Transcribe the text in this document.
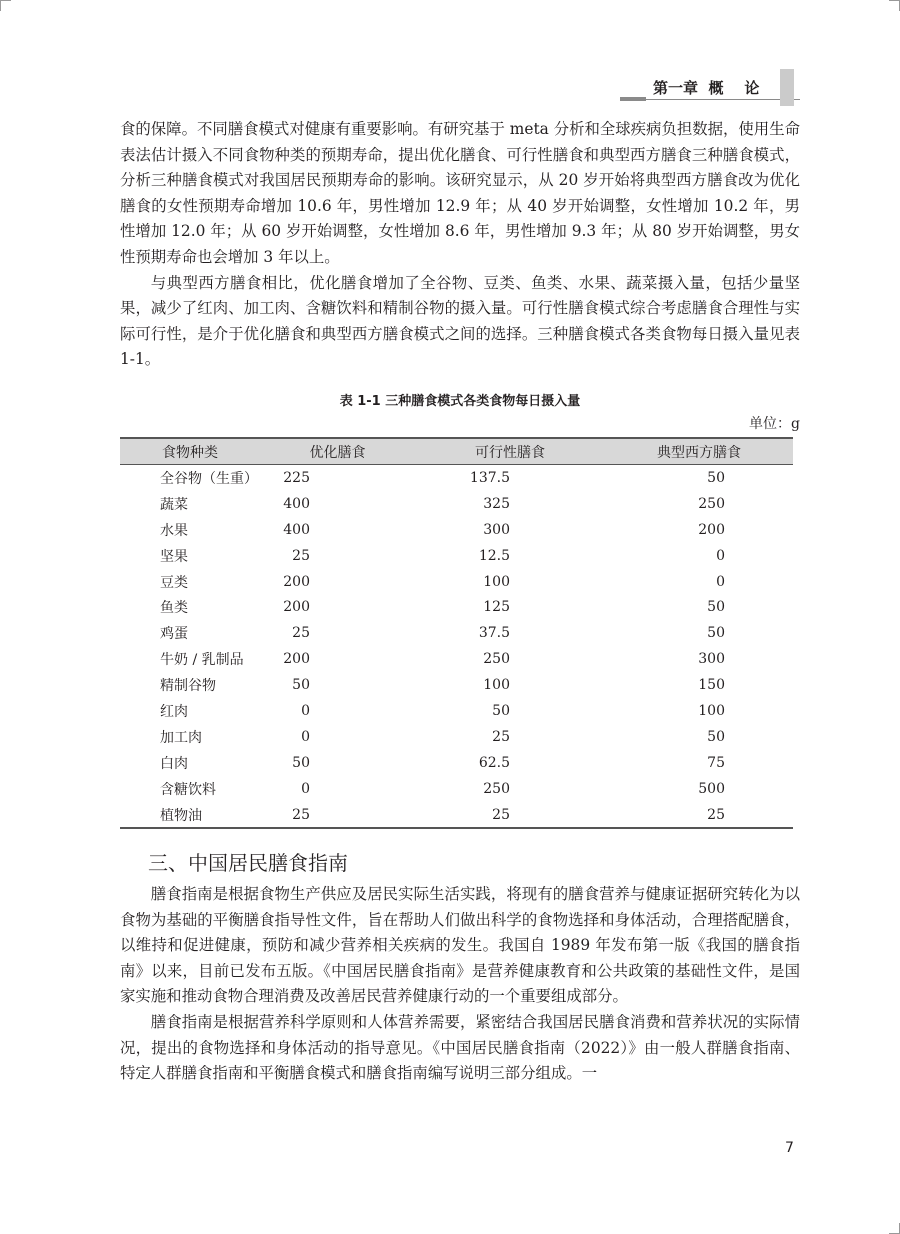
第一章  概    论

食的保障。不同膳食模式对健康有重要影响。有研究基于 meta 分析和全球疾病负担数据，使用生命表法估计摄入不同食物种类的预期寿命，提出优化膳食、可行性膳食和典型西方膳食三种膳食模式，分析三种膳食模式对我国居民预期寿命的影响。该研究显示，从 20 岁开始将典型西方膳食改为优化膳食的女性预期寿命增加 10.6 年，男性增加 12.9 年；从 40 岁开始调整，女性增加 10.2 年，男性增加 12.0 年；从 60 岁开始调整，女性增加 8.6 年，男性增加 9.3 年；从 80 岁开始调整，男女性预期寿命也会增加 3 年以上。

与典型西方膳食相比，优化膳食增加了全谷物、豆类、鱼类、水果、蔬菜摄入量，包括少量坚果，减少了红肉、加工肉、含糖饮料和精制谷物的摄入量。可行性膳食模式综合考虑膳食合理性与实际可行性，是介于优化膳食和典型西方膳食模式之间的选择。三种膳食模式各类食物每日摄入量见表 1-1。

表 1-1 三种膳食模式各类食物每日摄入量
单位：g
食物种类	优化膳食	可行性膳食	典型西方膳食
全谷物（生重）	225	137.5	50
蔬菜	400	325	250
水果	400	300	200
坚果	25	12.5	0
豆类	200	100	0
鱼类	200	125	50
鸡蛋	25	37.5	50
牛奶 / 乳制品	200	250	300
精制谷物	50	100	150
红肉	0	50	100
加工肉	0	25	50
白肉	50	62.5	75
含糖饮料	0	250	500
植物油	25	25	25
三、中国居民膳食指南

膳食指南是根据食物生产供应及居民实际生活实践，将现有的膳食营养与健康证据研究转化为以食物为基础的平衡膳食指导性文件，旨在帮助人们做出科学的食物选择和身体活动，合理搭配膳食，以维持和促进健康，预防和减少营养相关疾病的发生。我国自 1989 年发布第一版《我国的膳食指南》以来，目前已发布五版。《中国居民膳食指南》是营养健康教育和公共政策的基础性文件，是国家实施和推动食物合理消费及改善居民营养健康行动的一个重要组成部分。

膳食指南是根据营养科学原则和人体营养需要，紧密结合我国居民膳食消费和营养状况的实际情况，提出的食物选择和身体活动的指导意见。《中国居民膳食指南（2022）》由一般人群膳食指南、特定人群膳食指南和平衡膳食模式和膳食指南编写说明三部分组成。一

7
